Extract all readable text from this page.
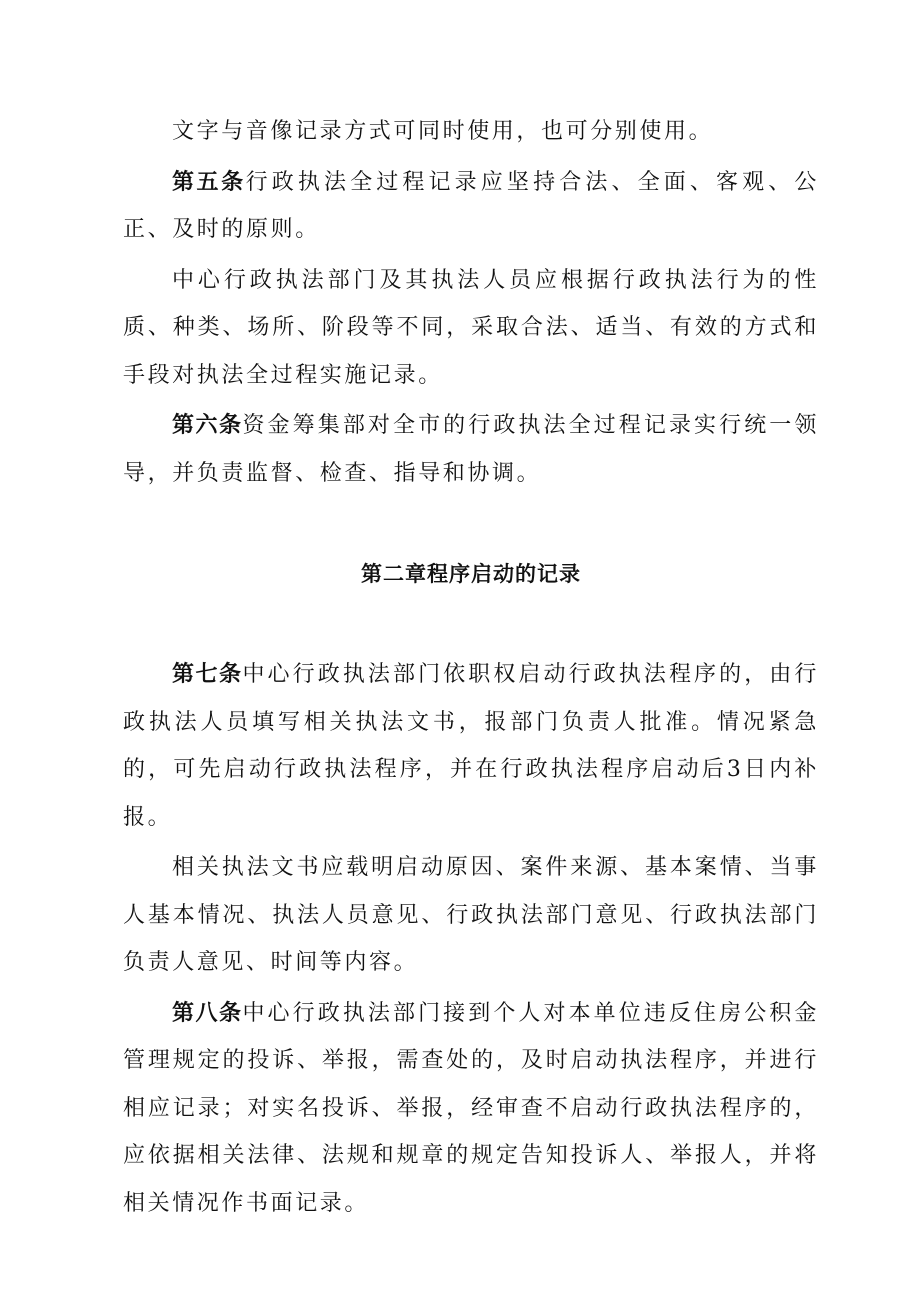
文字与音像记录方式可同时使用，也可分别使用。

第五条行政执法全过程记录应坚持合法、全面、客观、公正、及时的原则。

中心行政执法部门及其执法人员应根据行政执法行为的性质、种类、场所、阶段等不同，采取合法、适当、有效的方式和手段对执法全过程实施记录。

第六条资金筹集部对全市的行政执法全过程记录实行统一领导，并负责监督、检查、指导和协调。

第二章程序启动的记录

第七条中心行政执法部门依职权启动行政执法程序的，由行政执法人员填写相关执法文书，报部门负责人批准。情况紧急的，可先启动行政执法程序，并在行政执法程序启动后3日内补报。

相关执法文书应载明启动原因、案件来源、基本案情、当事人基本情况、执法人员意见、行政执法部门意见、行政执法部门负责人意见、时间等内容。

第八条中心行政执法部门接到个人对本单位违反住房公积金管理规定的投诉、举报，需查处的，及时启动执法程序，并进行相应记录；对实名投诉、举报，经审查不启动行政执法程序的，应依据相关法律、法规和规章的规定告知投诉人、举报人，并将相关情况作书面记录。
